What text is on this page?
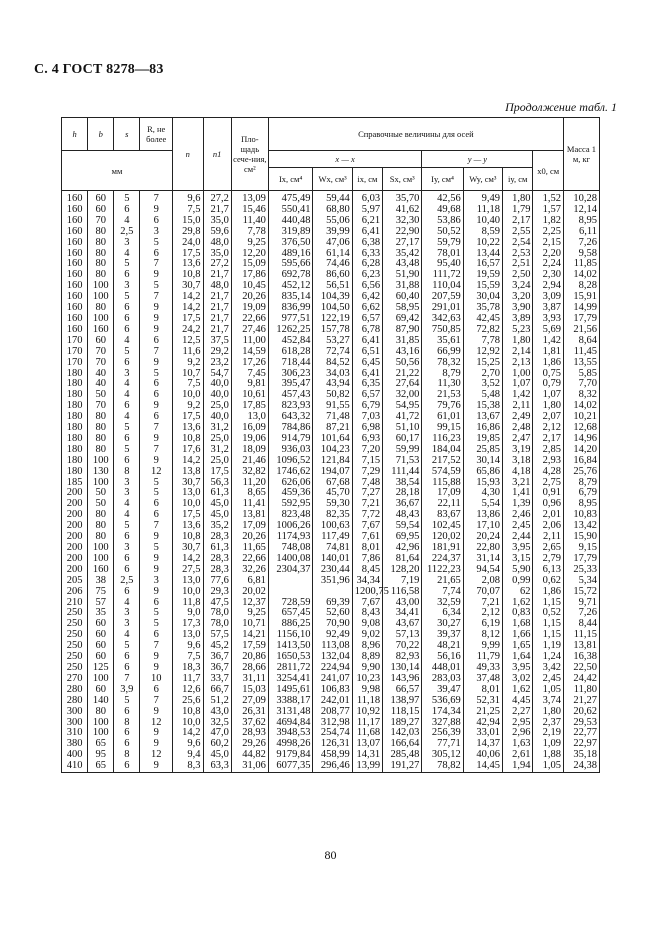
С. 4 ГОСТ 8278—83
Продолжение табл. 1
h	b	s	R, не более	n	n1	Пло-щадь сече-ния, см²	Справочные величины для осей								Масса 1 м, кг
мм							x — x				y — y			x0, см	
							Ix, см⁴	Wx, см³	ix, см	Sx, см³	Iy, см⁴	Wy, см³	iy, см		
160	60	5	7	9,6	27,2	13,09	475,49	59,44	6,03	35,70	42,56	9,49	1,80	1,52	10,28
160	60	6	9	7,5	21,7	15,46	550,41	68,80	5,97	41,62	49,68	11,18	1,79	1,57	12,14
160	70	4	6	15,0	35,0	11,40	440,48	55,06	6,21	32,30	53,86	10,40	2,17	1,82	8,95
160	80	2,5	3	29,8	59,6	7,78	319,89	39,99	6,41	22,90	50,52	8,59	2,55	2,25	6,11
160	80	3	5	24,0	48,0	9,25	376,50	47,06	6,38	27,17	59,79	10,22	2,54	2,15	7,26
160	80	4	6	17,5	35,0	12,20	489,16	61,14	6,33	35,42	78,01	13,44	2,53	2,20	9,58
160	80	5	7	13,6	27,2	15,09	595,66	74,46	6,28	43,48	95,40	16,57	2,51	2,24	11,85
160	80	6	9	10,8	21,7	17,86	692,78	86,60	6,23	51,90	111,72	19,59	2,50	2,30	14,02
160	100	3	5	30,7	48,0	10,45	452,12	56,51	6,56	31,88	110,04	15,59	3,24	2,94	8,28
160	100	5	7	14,2	21,7	20,26	835,14	104,39	6,42	60,40	207,59	30,04	3,20	3,09	15,91
160	80	6	9	14,2	21,7	19,09	836,99	104,50	6,62	58,95	291,01	35,78	3,90	3,87	14,99
160	100	6	9	17,5	21,7	22,66	977,51	122,19	6,57	69,42	342,63	42,45	3,89	3,93	17,79
160	160	6	9	24,2	21,7	27,46	1262,25	157,78	6,78	87,90	750,85	72,82	5,23	5,69	21,56
170	60	4	6	12,5	37,5	11,00	452,84	53,27	6,41	31,85	35,61	7,78	1,80	1,42	8,64
170	70	5	7	11,6	29,2	14,59	618,28	72,74	6,51	43,16	66,99	12,92	2,14	1,81	11,45
170	70	6	9	9,2	23,2	17,26	718,44	84,52	6,45	50,56	78,32	15,25	2,13	1,86	13,55
180	40	3	5	10,7	54,7	7,45	306,23	34,03	6,41	21,22	8,79	2,70	1,00	0,75	5,85
180	40	4	6	7,5	40,0	9,81	395,47	43,94	6,35	27,64	11,30	3,52	1,07	0,79	7,70
180	50	4	6	10,0	40,0	10,61	457,43	50,82	6,57	32,00	21,53	5,48	1,42	1,07	8,32
180	70	6	9	9,2	25,0	17,85	823,93	91,55	6,79	54,95	79,76	15,38	2,11	1,80	14,02
180	80	4	6	17,5	40,0	13,0	643,32	71,48	7,03	41,72	61,01	13,67	2,49	2,07	10,21
180	80	5	7	13,6	31,2	16,09	784,86	87,21	6,98	51,10	99,15	16,86	2,48	2,12	12,68
180	80	6	9	10,8	25,0	19,06	914,79	101,64	6,93	60,17	116,23	19,85	2,47	2,17	14,96
180	80	5	7	17,6	31,2	18,09	936,03	104,23	7,20	59,99	184,04	25,85	3,19	2,85	14,20
180	100	6	9	14,2	25,0	21,46	1096,52	121,84	7,15	71,53	217,52	30,14	3,18	2,93	16,84
180	130	8	12	13,8	17,5	32,82	1746,62	194,07	7,29	111,44	574,59	65,86	4,18	4,28	25,76
185	100	3	5	30,7	56,3	11,20	626,06	67,68	7,48	38,54	115,88	15,93	3,21	2,75	8,79
200	50	3	5	13,0	61,3	8,65	459,36	45,70	7,27	28,18	17,09	4,30	1,41	0,91	6,79
200	50	4	6	10,0	45,0	11,41	592,95	59,30	7,21	36,67	22,11	5,54	1,39	0,96	8,95
200	80	4	6	17,5	45,0	13,81	823,48	82,35	7,72	48,43	83,67	13,86	2,46	2,01	10,83
200	80	5	7	13,6	35,2	17,09	1006,26	100,63	7,67	59,54	102,45	17,10	2,45	2,06	13,42
200	80	6	9	10,8	28,3	20,26	1174,93	117,49	7,61	69,95	120,02	20,24	2,44	2,11	15,90
200	100	3	5	30,7	61,3	11,65	748,08	74,81	8,01	42,96	181,91	22,80	3,95	2,65	9,15
200	100	6	9	14,2	28,3	22,66	1400,08	140,01	7,86	81,64	224,37	31,14	3,15	2,79	17,79
200	160	6	9	27,5	28,3	32,26	2304,37	230,44	8,45	128,20	1122,23	94,54	5,90	6,13	25,33
205	38	2,5	3	13,0	77,6	6,81		351,96	34,34	7,19	21,65	2,08	0,99	0,62	5,34
206	75	6	9	10,0	29,3	20,02			1200,75	116,58	7,74	70,07	62	1,86	15,72
210	57	4	6	11,8	47,5	12,37	728,59	69,39	7,67	43,00	32,59	7,21	1,62	1,15	9,71
250	35	3	5	9,0	78,0	9,25	657,45	52,60	8,43	34,41	6,34	2,12	0,83	0,52	7,26
250	60	3	5	17,3	78,0	10,71	886,25	70,90	9,08	43,67	30,27	6,19	1,68	1,15	8,44
250	60	4	6	13,0	57,5	14,21	1156,10	92,49	9,02	57,13	39,37	8,12	1,66	1,15	11,15
250	60	5	7	9,6	45,2	17,59	1413,50	113,08	8,96	70,22	48,21	9,99	1,65	1,19	13,81
250	60	6	9	7,5	36,7	20,86	1650,53	132,04	8,89	82,93	56,16	11,79	1,64	1,24	16,38
250	125	6	9	18,3	36,7	28,66	2811,72	224,94	9,90	130,14	448,01	49,33	3,95	3,42	22,50
270	100	7	10	11,7	33,7	31,11	3254,41	241,07	10,23	143,96	283,03	37,48	3,02	2,45	24,42
280	60	3,9	6	12,6	66,7	15,03	1495,61	106,83	9,98	66,57	39,47	8,01	1,62	1,05	11,80
280	140	5	7	25,6	51,2	27,09	3388,17	242,01	11,18	138,97	536,69	52,31	4,45	3,74	21,27
300	80	6	9	10,8	43,0	26,31	3131,48	208,77	10,92	118,15	174,34	21,25	2,27	1,80	20,62
300	100	8	12	10,0	32,5	37,62	4694,84	312,98	11,17	189,27	327,88	42,94	2,95	2,37	29,53
310	100	6	9	14,2	47,0	28,93	3948,53	254,74	11,68	142,03	256,39	33,01	2,96	2,19	22,77
380	65	6	9	9,6	60,2	29,26	4998,26	126,31	13,07	166,64	77,71	14,37	1,63	1,09	22,97
400	95	8	12	9,4	45,0	44,82	9179,84	458,99	14,31	285,48	305,12	40,06	2,61	1,88	35,18
410	65	6	9	8,3	63,3	31,06	6077,35	296,46	13,99	191,27	78,82	14,45	1,94	1,05	24,38
80
